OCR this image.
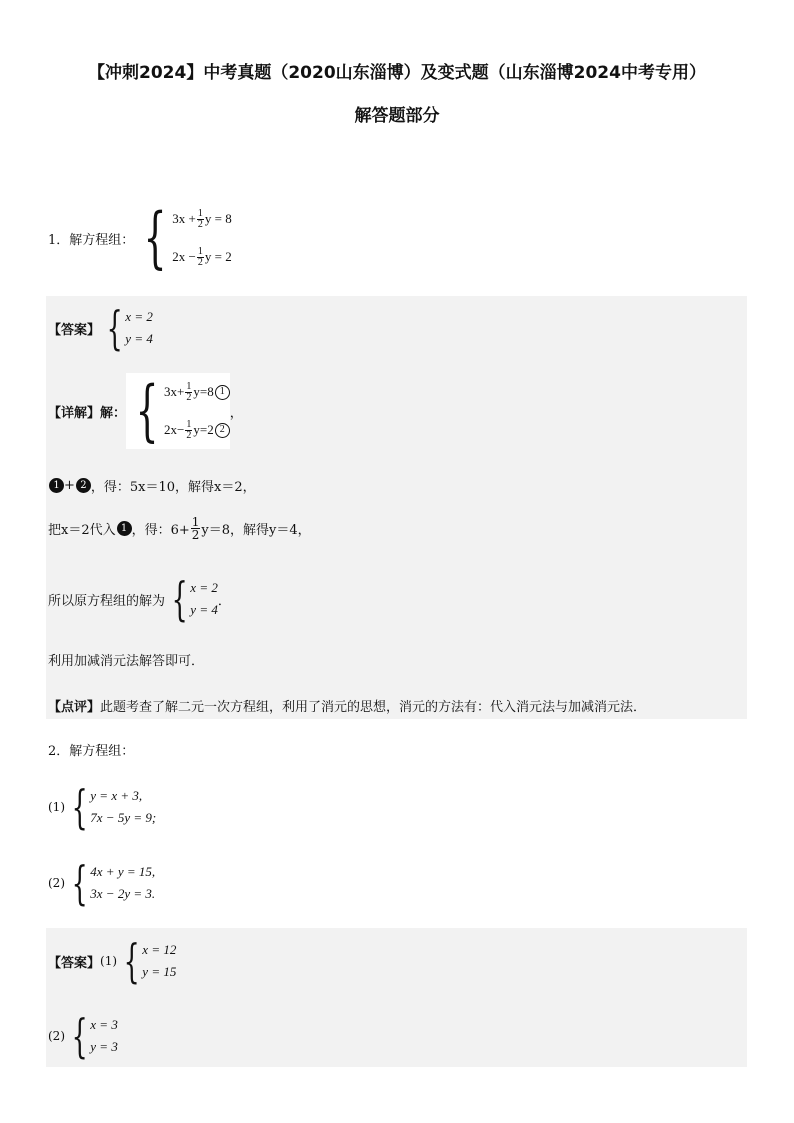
【冲刺2024】中考真题（2020山东淄博）及变式题（山东淄博2024中考专用）
解答题部分
1．解方程组： { $3x + \frac{1}{2}$ y = 8
$2x - \frac{1}{2}$ y = 2
【答案】 { x = 2
y = 4
【详解】解： { $3x+ \frac{1}{2} y=8$ 1
$2x- \frac{1}{2} y=2$ 2
，
1 + 2 ，得：5x＝10，解得x＝2，
把x＝2代入 1 ，得：$6+ \frac{1}{2} y=8$，解得y＝4，
所以原方程组的解为 { x = 2
y = 4
．
利用加减消元法解答即可．
【点评】 此题考查了解二元一次方程组，利用了消元的思想，消元的方法有：代入消元法与加减消元法．
2．解方程组：
(1) { y = x + 3,
7x − 5y = 9;
(2) { 4x + y = 15,
3x − 2y = 3.
【答案】 (1) { x = 12
y = 15
(2) { x = 3
y = 3
